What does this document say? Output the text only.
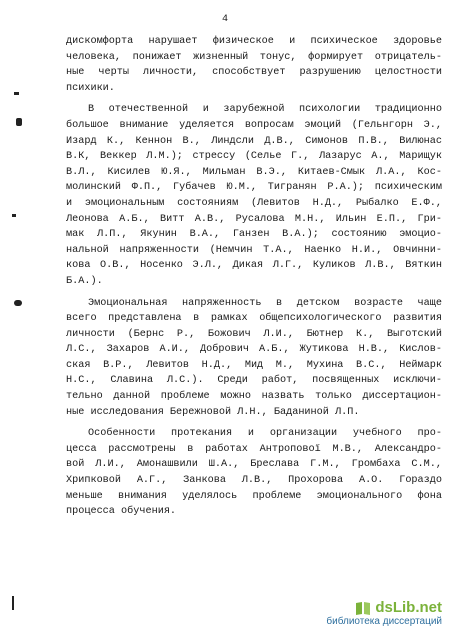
4
дискомфорта нарушает физическое и психическое здоровье
человека, понижает жизненный тонус, формирует отрицатель-
ные черты личности, способствует разрушению целостности
психики.
В отечественной и зарубежной психологии традиционно
большое внимание уделяется вопросам эмоций (Гельнгорн Э.,
Изард К., Кеннон В., Линдсли Д.В., Симонов П.В., Вилюнас
В.К, Веккер Л.М.); стрессу (Селье Г., Лазарус А., Марищук
В.Л., Кисилев Ю.Я., Мильман В.Э., Китаев-Смык Л.А., Кос-
молинский Ф.П., Губачев Ю.М., Тигранян Р.А.); психическим
и эмоциональным состояниям (Левитов Н.Д., Рыбалко Е.Ф.,
Леонова А.Б., Витт А.В., Русалова М.Н., Ильин Е.П., Гри-
мак Л.П., Якунин В.А., Ганзен В.А.); состоянию эмоцио-
нальной напряженности (Немчин Т.А., Наенко Н.И., Овчинни-
кова О.В., Носенко Э.Л., Дикая Л.Г., Куликов Л.В., Вяткин
Б.А.).
Эмоциональная напряженность в детском возрасте чаще
всего представлена в рамках общепсихологического развития
личности (Бернс Р., Божович Л.И., Бютнер К., Выготский
Л.С., Захаров А.И., Добрович А.Б., Жутикова Н.В., Кислов-
ская В.Р., Левитов Н.Д., Мид М., Мухина В.С., Неймарк
Н.С., Славина Л.С.). Среди работ, посвященных исключи-
тельно данной проблеме можно назвать только диссертацион-
ные исследования Бережновой Л.Н., Бадaниной Л.П.
Особенности протекания и организации учебного про-
цесса рассмотрены в работах Антропової М.В., Александро-
вой Л.И., Амонашвили Ш.А., Бреслава Г.М., Громбаха С.М.,
Хрипковой А.Г., Занкова Л.В., Прохорова А.О. Гораздо
меньше внимания уделялось проблеме эмоционального фона
процесса обучения.
dsLib.net
библиотека диссертаций
